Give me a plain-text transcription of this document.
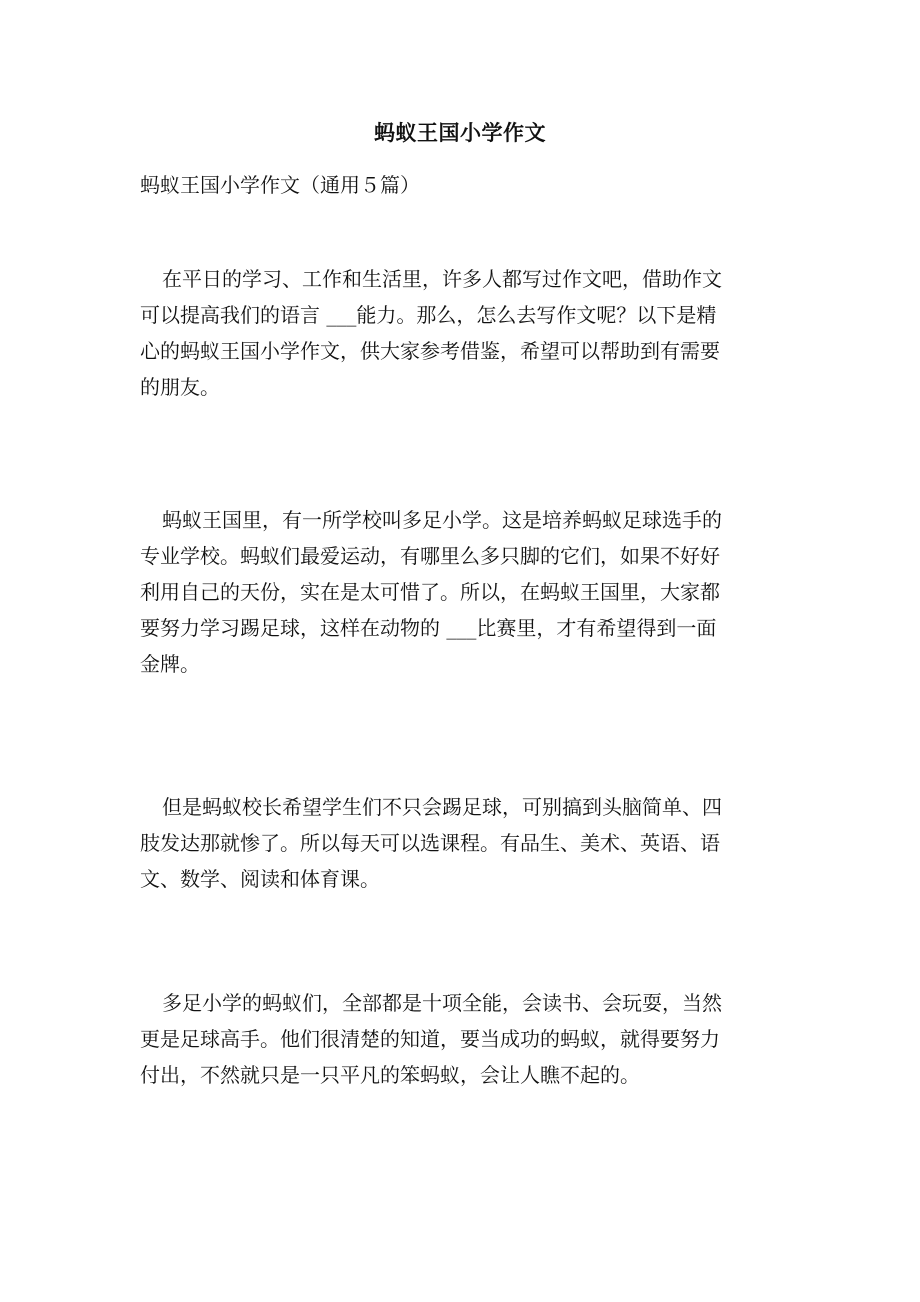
蚂蚁王国小学作文
蚂蚁王国小学作文（通用５篇）
在平日的学习、工作和生活里，许多人都写过作文吧，借助作文
可以提高我们的语言 ___能力。那么，怎么去写作文呢？以下是精
心的蚂蚁王国小学作文，供大家参考借鉴，希望可以帮助到有需要
的朋友。
蚂蚁王国里，有一所学校叫多足小学。这是培养蚂蚁足球选手的
专业学校。蚂蚁们最爱运动，有哪里么多只脚的它们，如果不好好
利用自己的天份，实在是太可惜了。所以，在蚂蚁王国里，大家都
要努力学习踢足球，这样在动物的 ___比赛里，才有希望得到一面
金牌。
但是蚂蚁校长希望学生们不只会踢足球，可别搞到头脑简单、四
肢发达那就惨了。所以每天可以选课程。有品生、美术、英语、语
文、数学、阅读和体育课。
多足小学的蚂蚁们，全部都是十项全能，会读书、会玩耍，当然
更是足球高手。他们很清楚的知道，要当成功的蚂蚁，就得要努力
付出，不然就只是一只平凡的笨蚂蚁，会让人瞧不起的。
